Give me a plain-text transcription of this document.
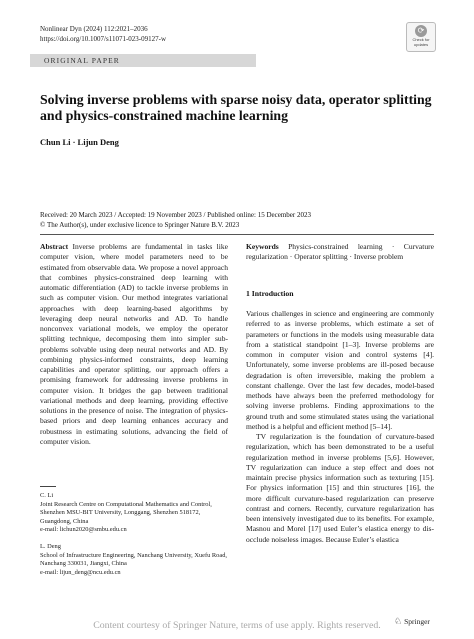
Nonlinear Dyn (2024) 112:2021–2036
https://doi.org/10.1007/s11071-023-09127-w
⟳
Check for
updates
ORIGINAL PAPER
Solving inverse problems with sparse noisy data, operator splitting and physics-constrained machine learning
Chun Li · Lijun Deng
Received: 20 March 2023 / Accepted: 19 November 2023 / Published online: 15 December 2023
© The Author(s), under exclusive licence to Springer Nature B.V. 2023
Abstract Inverse problems are fundamental in tasks like computer vision, where model parameters need to be estimated from observable data. We propose a novel approach that combines physics-constrained deep learning with automatic differentiation (AD) to tackle inverse problems in such as computer vision. Our method integrates variational approaches with deep learning-based algorithms by leveraging deep neural networks and AD. To handle nonconvex variational models, we employ the operator splitting technique, decomposing them into simpler sub-problems solvable using deep neural networks and AD. By combining physics-informed constraints, deep learning capabilities and operator splitting, our approach offers a promising framework for addressing inverse problems in computer vision. It bridges the gap between traditional variational methods and deep learning, providing effective solutions in the presence of noise. The integration of physics-based priors and deep learning enhances accuracy and robustness in estimating solutions, advancing the field of computer vision.
Keywords Physics-constrained learning · Curvature regularization · Operator splitting · Inverse problem
1 Introduction
Various challenges in science and engineering are commonly referred to as inverse problems, which estimate a set of parameters or functions in the models using measurable data from a statistical standpoint [1–3]. Inverse problems are common in computer vision and control systems [4]. Unfortunately, some inverse problems are ill-posed because degradation is often irreversible, making the problem a constant challenge. Over the last few decades, model-based methods have always been the preferred methodology for solving inverse problems. Finding approximations to the ground truth and some stimulated states using the variational method is a helpful and efficient method [5–14].
TV regularization is the foundation of curvature-based regularization, which has been demonstrated to be a useful regularization method in inverse problems [5,6]. However, TV regularization can induce a step effect and does not maintain precise physics information such as texturing [15]. For physics information [15] and thin structures [16], the more difficult curvature-based regularization can preserve contrast and corners. Recently, curvature regularization has been intensively investigated due to its benefits. For example, Masnou and Morel [17] used Euler’s elastica energy to dis-occlude noiseless images. Because Euler’s elastica
C. Li
Joint Research Centre on Computational Mathematics and Control, Shenzhen MSU-BIT University, Longgang, Shenzhen 518172, Guangdong, China
e-mail: lichun2020@smbu.edu.cn
L. Deng
School of Infrastructure Engineering, Nanchang University, Xuefu Road, Nanchang 330031, Jiangxi, China
e-mail: lijun_deng@ncu.edu.cn
♘ Springer
Content courtesy of Springer Nature, terms of use apply. Rights reserved.
